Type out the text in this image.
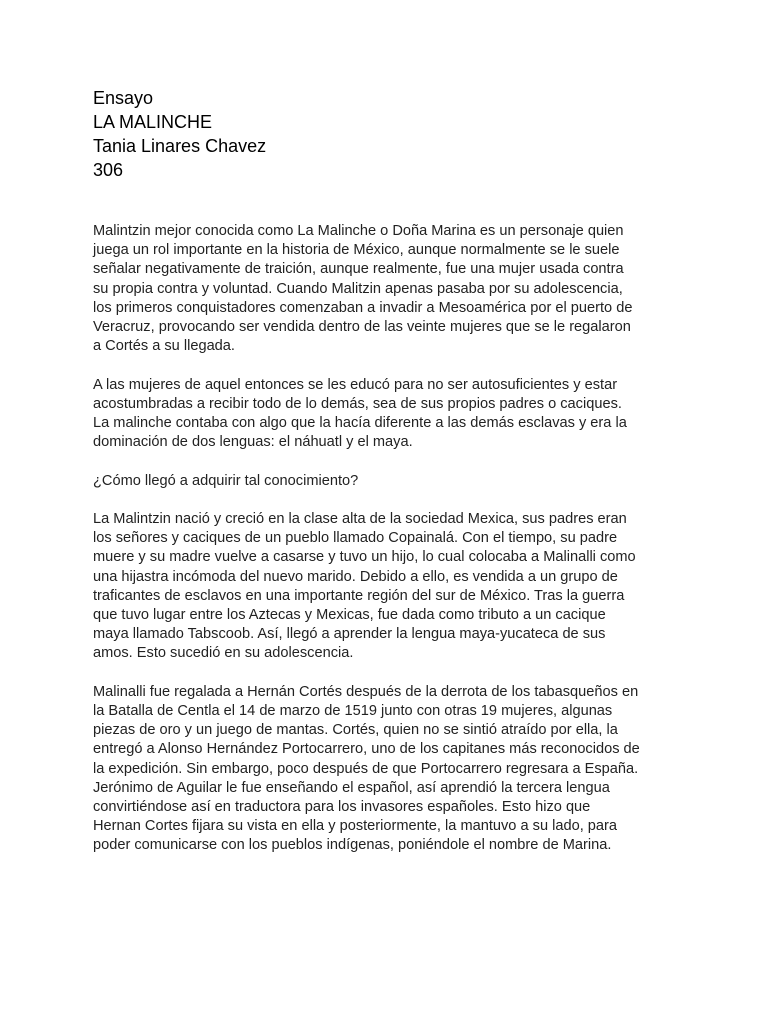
Ensayo
LA MALINCHE
Tania Linares Chavez
306

Malintzin mejor conocida como La Malinche o Doña Marina es un personaje quien
juega un rol importante en la historia de México, aunque normalmente se le suele
señalar negativamente de traición, aunque realmente, fue una mujer usada contra
su propia contra y voluntad. Cuando Malitzin apenas pasaba por su adolescencia,
los primeros conquistadores comenzaban a invadir a Mesoamérica por el puerto de
Veracruz, provocando ser vendida dentro de las veinte mujeres que se le regalaron
a Cortés a su llegada.

A las mujeres de aquel entonces se les educó para no ser autosuficientes y estar
acostumbradas a recibir todo de lo demás, sea de sus propios padres o caciques.
La malinche contaba con algo que la hacía diferente a las demás esclavas y era la
dominación de dos lenguas: el náhuatl y el maya.

¿Cómo llegó a adquirir tal conocimiento?

La Malintzin nació y creció en la clase alta de la sociedad Mexica, sus padres eran
los señores y caciques de un pueblo llamado Copainalá. Con el tiempo, su padre
muere y su madre vuelve a casarse y tuvo un hijo, lo cual colocaba a Malinalli como
una hijastra incómoda del nuevo marido. Debido a ello, es vendida a un grupo de
traficantes de esclavos en una importante región del sur de México. Tras la guerra
que tuvo lugar entre los Aztecas y Mexicas, fue dada como tributo a un cacique
maya llamado Tabscoob. Así, llegó a aprender la lengua maya-yucateca de sus
amos. Esto sucedió en su adolescencia.

Malinalli fue regalada a Hernán Cortés después de la derrota de los tabasqueños en
la Batalla de Centla el 14 de marzo de 1519 junto con otras 19 mujeres, algunas
piezas de oro y un juego de mantas. Cortés, quien no se sintió atraído por ella, la
entregó a Alonso Hernández Portocarrero, uno de los capitanes más reconocidos de
la expedición. Sin embargo, poco después de que Portocarrero regresara a España.
Jerónimo de Aguilar le fue enseñando el español, así aprendió la tercera lengua
convirtiéndose así en traductora para los invasores españoles. Esto hizo que
Hernan Cortes fijara su vista en ella y posteriormente, la mantuvo a su lado, para
poder comunicarse con los pueblos indígenas, poniéndole el nombre de Marina.
